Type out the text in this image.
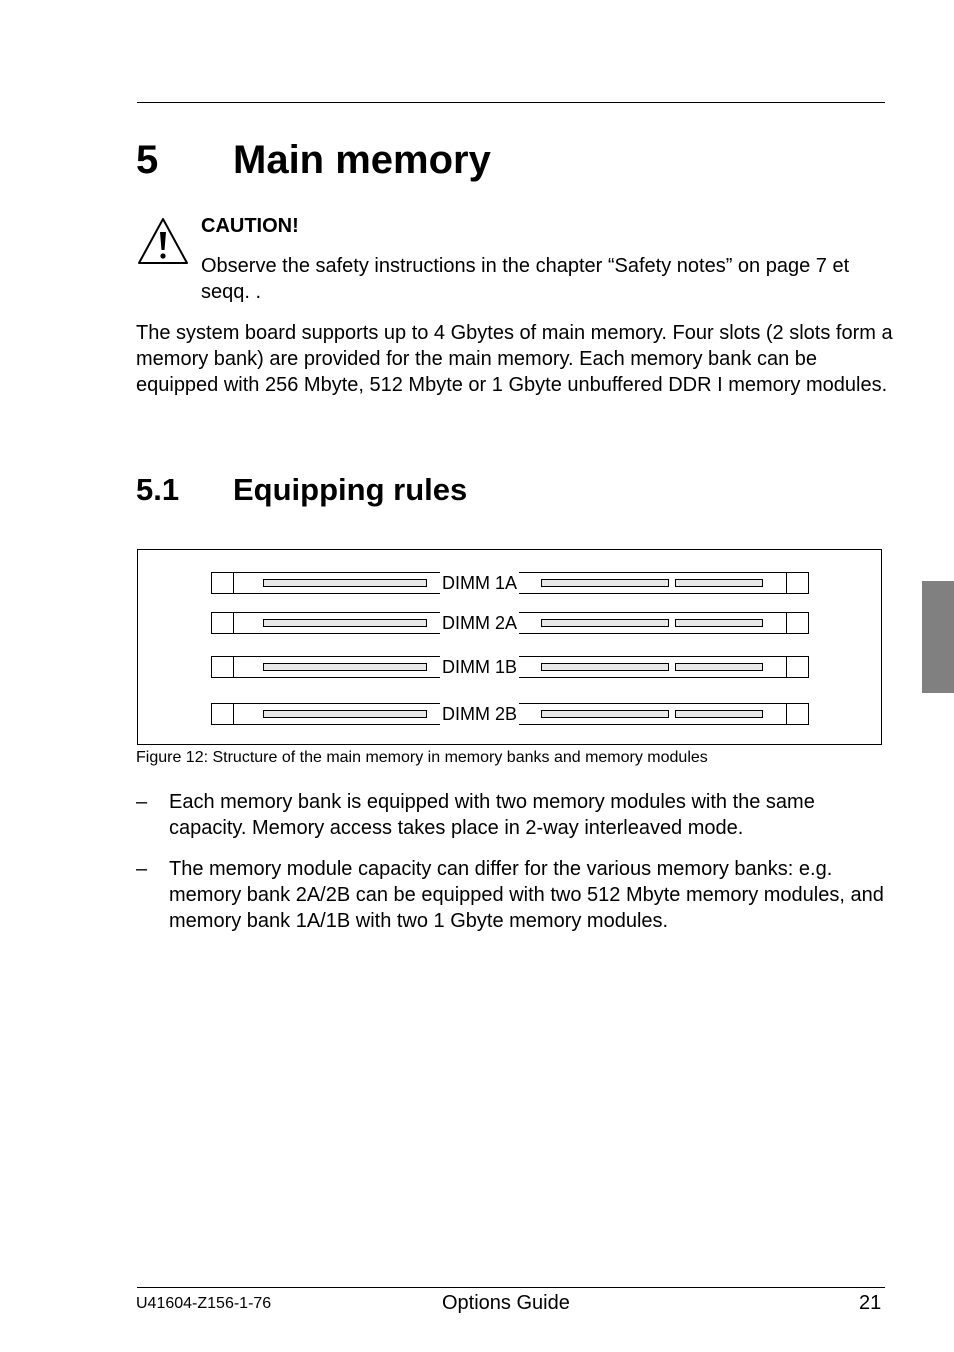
5 Main memory
CAUTION!
Observe the safety instructions in the chapter “Safety notes” on page 7 et seqq. .
The system board supports up to 4 Gbytes of main memory. Four slots (2 slots form a memory bank) are provided for the main memory. Each memory bank can be equipped with 256 Mbyte, 512 Mbyte or 1 Gbyte unbuffered DDR I memory modules.
5.1 Equipping rules
DIMM 1A
DIMM 2A
DIMM 1B
DIMM 2B
Figure 12: Structure of the main memory in memory banks and memory modules
– Each memory bank is equipped with two memory modules with the same capacity. Memory access takes place in 2-way interleaved mode.
– The memory module capacity can differ for the various memory banks: e.g. memory bank 2A/2B can be equipped with two 512 Mbyte memory modules, and memory bank 1A/1B with two 1 Gbyte memory modules.
U41604-Z156-1-76	Options Guide	21
